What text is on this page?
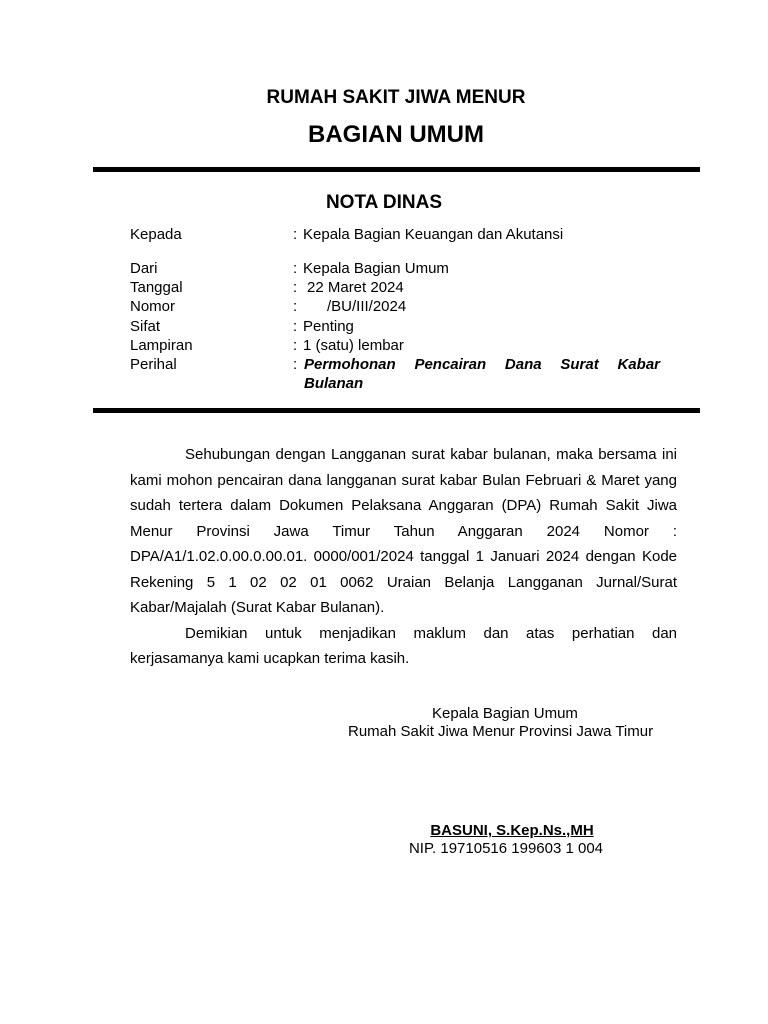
RUMAH SAKIT JIWA MENUR
BAGIAN UMUM
NOTA DINAS
Kepada	: Kepala Bagian Keuangan dan Akutansi
Dari	: Kepala Bagian Umum
Tanggal	: 22 Maret 2024
Nomor	: /BU/III/2024
Sifat	: Penting
Lampiran	: 1 (satu) lembar
Perihal	: Permohonan Pencairan Dana Surat Kabar
Bulanan

Sehubungan dengan Langganan surat kabar bulanan, maka bersama ini kami mohon pencairan dana langganan surat kabar Bulan Februari & Maret yang sudah tertera dalam Dokumen Pelaksana Anggaran (DPA) Rumah Sakit Jiwa Menur Provinsi Jawa Timur Tahun Anggaran 2024 Nomor : DPA/A1/1.02.0.00.0.00.01. 0000/001/2024 tanggal 1 Januari 2024 dengan Kode Rekening 5 1 02 02 01 0062 Uraian Belanja Langganan Jurnal/Surat Kabar/Majalah (Surat Kabar Bulanan).

Demikian untuk menjadikan maklum dan atas perhatian dan kerjasamanya kami ucapkan terima kasih.

Kepala Bagian Umum
Rumah Sakit Jiwa Menur Provinsi Jawa Timur
BASUNI, S.Kep.Ns.,MH
NIP. 19710516 199603 1 004
